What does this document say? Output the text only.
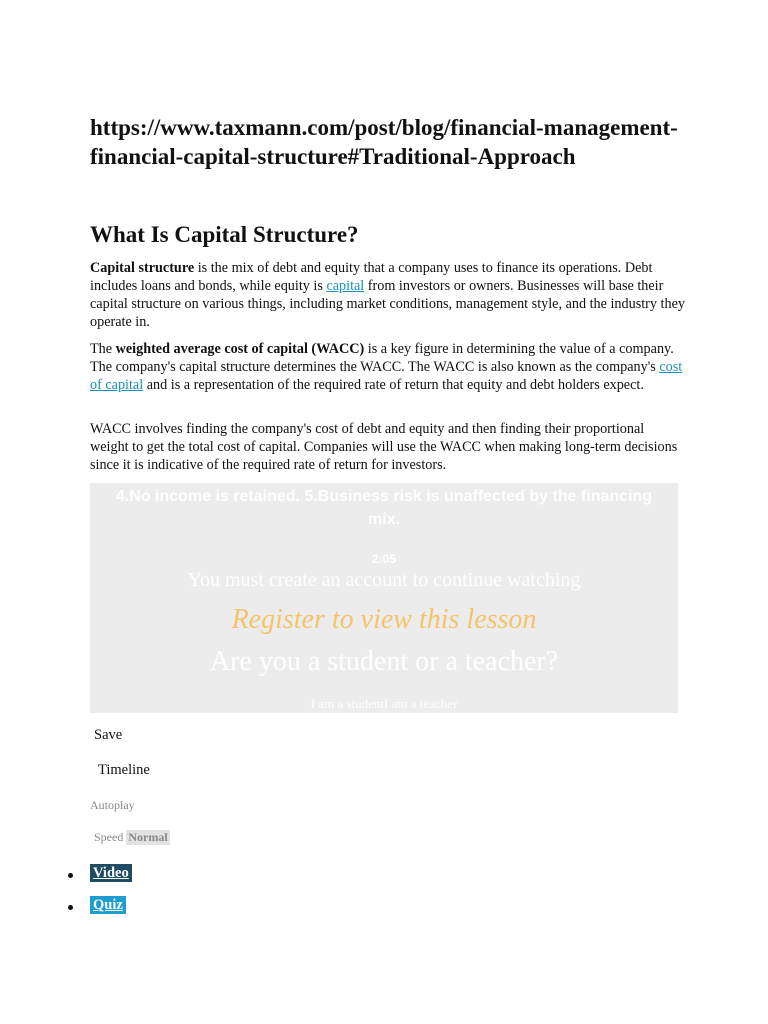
https://www.taxmann.com/post/blog/financial-management-financial-capital-structure#Traditional-Approach
What Is Capital Structure?

Capital structure is the mix of debt and equity that a company uses to finance its operations. Debt includes loans and bonds, while equity is capital from investors or owners. Businesses will base their capital structure on various things, including market conditions, management style, and the industry they operate in.

The weighted average cost of capital (WACC) is a key figure in determining the value of a company. The company's capital structure determines the WACC. The WACC is also known as the company's cost of capital and is a representation of the required rate of return that equity and debt holders expect.

WACC involves finding the company's cost of debt and equity and then finding their proportional weight to get the total cost of capital. Companies will use the WACC when making long-term decisions since it is indicative of the required rate of return for investors.

4.No income is retained. 5.Business risk is unaffected by the financing mix.
2:05
You must create an account to continue watching
Register to view this lesson
Are you a student or a teacher?
I am a studentI am a teacher
Save
Timeline
Autoplay
Speed Normal
Video
Quiz
